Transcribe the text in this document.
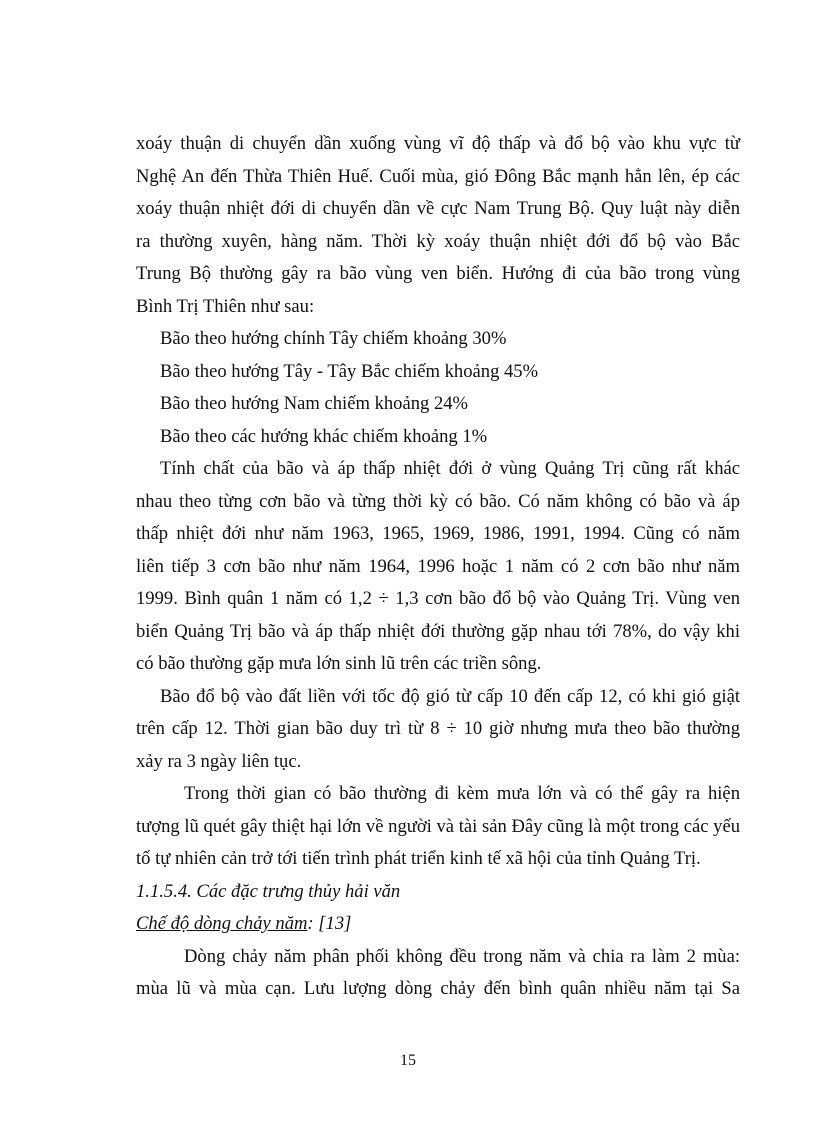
xoáy thuận di chuyển dần xuống vùng vĩ độ thấp và đổ bộ vào khu vực từ

Nghệ An đến Thừa Thiên Huế. Cuối mùa, gió Đông Bắc mạnh hẳn lên, ép các

xoáy thuận nhiệt đới di chuyển dần về cực Nam Trung Bộ. Quy luật này diễn

ra thường xuyên, hàng năm. Thời kỳ xoáy thuận nhiệt đới đổ bộ vào Bắc

Trung Bộ thường gây ra bão vùng ven biển. Hướng đi của bão trong vùng

Bình Trị Thiên như sau:

Bão theo hướng chính Tây chiếm khoảng 30%

Bão theo hướng Tây - Tây Bắc chiếm khoảng 45%

Bão theo hướng Nam chiếm khoảng 24%

Bão theo các hướng khác chiếm khoảng 1%

Tính chất của bão và áp thấp nhiệt đới ở vùng Quảng Trị cũng rất khác

nhau theo từng cơn bão và từng thời kỳ có bão. Có năm không có bão và áp

thấp nhiệt đới như năm 1963, 1965, 1969, 1986, 1991, 1994. Cũng có năm

liên tiếp 3 cơn bão như năm 1964, 1996 hoặc 1 năm có 2 cơn bão như năm

1999. Bình quân 1 năm có 1,2 ÷ 1,3 cơn bão đổ bộ vào Quảng Trị. Vùng ven

biển Quảng Trị bão và áp thấp nhiệt đới thường gặp nhau tới 78%, do vậy khi

có bão thường gặp mưa lớn sinh lũ trên các triền sông.

Bão đổ bộ vào đất liền với tốc độ gió từ cấp 10 đến cấp 12, có khi gió giật

trên cấp 12. Thời gian bão duy trì từ 8 ÷ 10 giờ nhưng mưa theo bão thường

xảy ra 3 ngày liên tục.

Trong thời gian có bão thường đi kèm mưa lớn và có thể gây ra hiện

tượng lũ quét gây thiệt hại lớn về người và tài sản Đây cũng là một trong các yếu

tố tự nhiên cản trở tới tiến trình phát triển kinh tế xã hội của tỉnh Quảng Trị.

1.1.5.4. Các đặc trưng thủy hải văn

Chế độ dòng chảy năm: [13]

Dòng chảy năm phân phối không đều trong năm và chia ra làm 2 mùa:

mùa lũ và mùa cạn. Lưu lượng dòng chảy đến bình quân nhiều năm tại Sa

15
